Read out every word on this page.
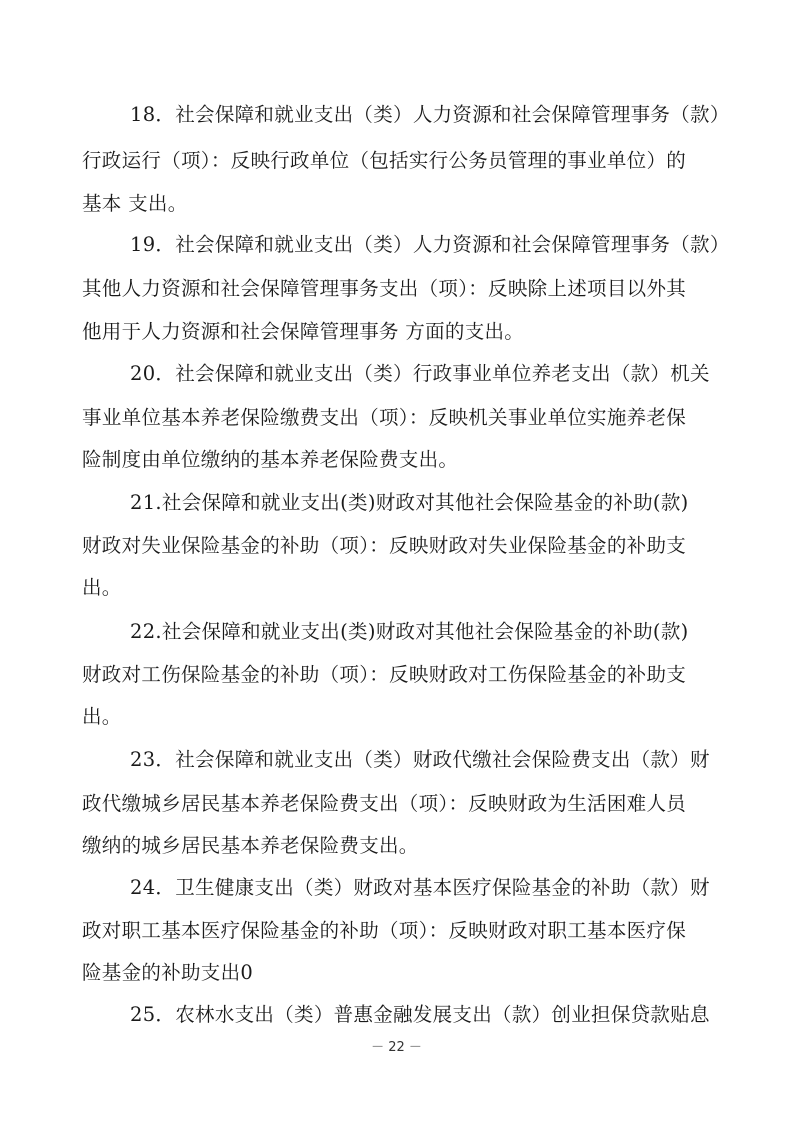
18．社会保障和就业支出（类）人力资源和社会保障管理事务（款）
行政运行（项）：反映行政单位（包括实行公务员管理的事业单位）的
基本 支出。
19．社会保障和就业支出（类）人力资源和社会保障管理事务（款）
其他人力资源和社会保障管理事务支出（项）：反映除上述项目以外其
他用于人力资源和社会保障管理事务 方面的支出。
20．社会保障和就业支出（类）行政事业单位养老支出（款）机关
事业单位基本养老保险缴费支出（项）：反映机关事业单位实施养老保
险制度由单位缴纳的基本养老保险费支出。
21.社会保障和就业支出(类)财政对其他社会保险基金的补助(款)
财政对失业保险基金的补助（项）：反映财政对失业保险基金的补助支
出。
22.社会保障和就业支出(类)财政对其他社会保险基金的补助(款)
财政对工伤保险基金的补助（项）：反映财政对工伤保险基金的补助支
出。
23．社会保障和就业支出（类）财政代缴社会保险费支出（款）财
政代缴城乡居民基本养老保险费支出（项）：反映财政为生活困难人员
缴纳的城乡居民基本养老保险费支出。
24．卫生健康支出（类）财政对基本医疗保险基金的补助（款）财
政对职工基本医疗保险基金的补助（项）：反映财政对职工基本医疗保
险基金的补助支出0
25．农林水支出（类）普惠金融发展支出（款）创业担保贷款贴息
－ 22 －
